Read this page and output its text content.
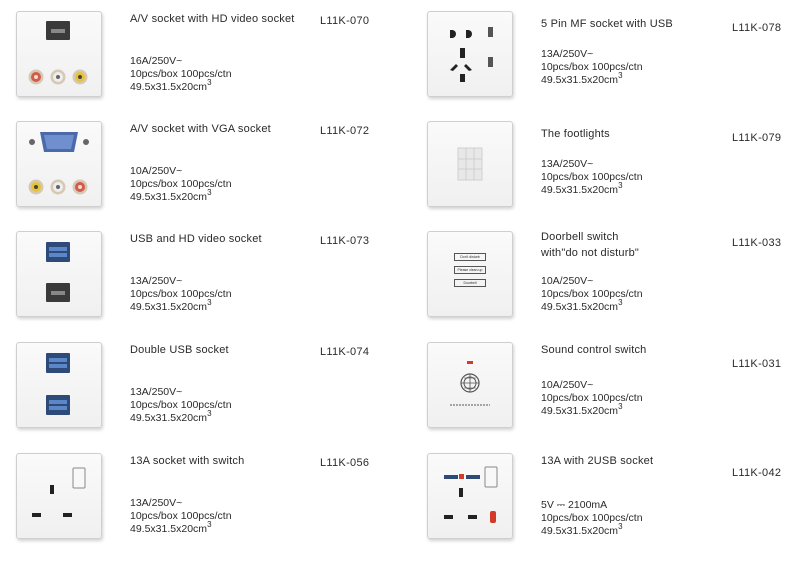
A/V socket with HD video socket L11K-070
16A/250V~
10pcs/box 100pcs/ctn
$49.5x31.5x20cm^3$
A/V socket with VGA socket	L11K-072
10A/250V~
10pcs/box 100pcs/ctn
$49.5x31.5x20cm^3$
USB and HD video socket	L11K-073
13A/250V~
10pcs/box 100pcs/ctn
$49.5x31.5x20cm^3$
Double USB socket	L11K-074
13A/250V~
10pcs/box 100pcs/ctn
$49.5x31.5x20cm^3$
13A socket with switch	L11K-056
13A/250V~
10pcs/box 100pcs/ctn
$49.5x31.5x20cm^3$
5 Pin MF socket with USB	L11K-078
13A/250V~
10pcs/box 100pcs/ctn
$49.5x31.5x20cm^3$
The footlights	L11K-079
13A/250V~
10pcs/box 100pcs/ctn
$49.5x31.5x20cm^3$
Don't disturb
Please clean up
Doorbell
Doorbell switch
with"do not disturb"
L11K-033
10A/250V~
10pcs/box 100pcs/ctn
$49.5x31.5x20cm^3$
Sound control switch
L11K-031
10A/250V~
10pcs/box 100pcs/ctn
$49.5x31.5x20cm^3$
13A with 2USB socket
L11K-042
5V ⎓ 2100mA
10pcs/box 100pcs/ctn
$49.5x31.5x20cm^3$
